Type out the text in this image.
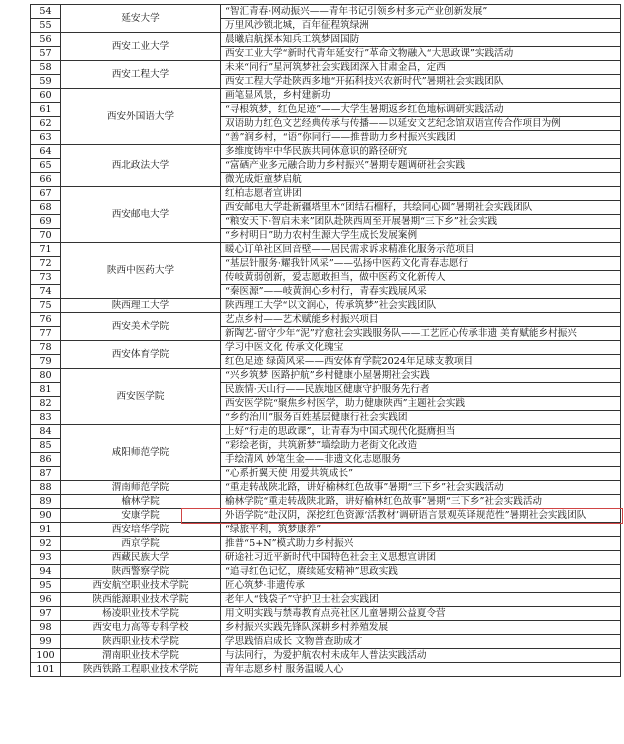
54	延安大学	“智汇青春·网动振兴——青年书记引领乡村多元产业创新发展”
55		万里风沙锁北城，百年征程筑绿洲
56	西安工业大学	晨曦启航探本知兵工筑梦固国防
57		西安工业大学“新时代青年延安行”革命文物融入“大思政课”实践活动
58	西安工程大学	未来“同行”星河筑梦社会实践团深入甘肃金昌，定西
59		西安工程大学赴陕西多地“开拓科技兴农新时代”暑期社会实践团队
60	西安外国语大学	画笔显风景，乡村建新功
61		“寻根筑梦，红色足迹”——大学生暑期返乡红色地标调研实践活动
62		双语助力红色文艺经典传承与传播——以延安文艺纪念馆双语宣传合作项目为例
63		“善”润乡村，“语”你同行——推普助力乡村振兴实践团
64	西北政法大学	多维度铸牢中华民族共同体意识的路径研究
65		“富硒产业多元融合助力乡村振兴”暑期专题调研社会实践
66		微光成炬童梦启航
67	西安邮电大学	红柏志愿者宣讲团
68		西安邮电大学赴新疆塔里木“团结石榴籽，共绘同心圆”暑期社会实践团队
69		“粮安天下·智启未来”团队赴陕西周至开展暑期“三下乡”社会实践
70		“乡村明日”助力农村生源大学生成长发展案例
71	陕西中医药大学	暖心订单社区回音壁——居民需求诉求精准化服务示范项目
72		“基层针服务·耀我针风采”——弘扬中医药文化青春志愿行
73		传岐黄弱创新，爱志愿敢担当，做中医药文化新传人
74		“秦医源”——岐黄润心乡村行，青春实践展风采
75	陕西理工大学	陕西理工大学“以文润心，传承筑梦”社会实践团队
76	西安美术学院	艺点乡村——艺术赋能乡村振兴项目
77		新陶艺-留守少年“泥”疗愈社会实践服务队——工艺匠心传承非遗 美育赋能乡村振兴
78	西安体育学院	学习中医文化 传承文化瑰宝
79		红色足迹 绿茵风采——西安体育学院2024年足球支教项目
80	西安医学院	“兴乡筑梦 医路护航”乡村健康小屋暑期社会实践
81		民族情·天山行——民族地区健康守护服务先行者
82		西安医学院“聚焦乡村医学，助力健康陕西”主题社会实践
83		“乡约治川”服务百姓基层健康行社会实践团
84	咸阳师范学院	上好“行走的思政课”，让青春为中国式现代化挺膺担当
85		“彩绘老街，共筑新梦”墙绘助力老街文化改造
86		手绘清风 妙笔生金——非遗文化志愿服务
87		“心系折翼天使 用爱共筑成长”
88	渭南师范学院	“重走转战陕北路，讲好榆林红色故事”暑期“三下乡”社会实践活动
89	榆林学院	榆林学院“重走转战陕北路，讲好榆林红色故事”暑期“三下乡”社会实践活动
90	安康学院	外语学院“赴汉阴，深挖红色资源‘活教材’调研语言景观英译规范性”暑期社会实践团队
91	西安培华学院	“绿旅平利，筑梦康养”
92	西京学院	推普“5+N”模式助力乡村振兴
93	西藏民族大学	研途社习近平新时代中国特色社会主义思想宣讲团
94	陕西警察学院	“追寻红色记忆，赓续延安精神”思政实践
95	西安航空职业技术学院	匠心筑梦·非遗传承
96	陕西能源职业技术学院	老年人“钱袋子”守护卫士社会实践团
97	杨凌职业技术学院	用文明实践与禁毒教育点亮社区儿童暑期公益夏令营
98	西安电力高等专科学校	乡村振兴实践先锋队深耕乡村养殖发展
99	陕西职业技术学院	学思践悟启成长 文物普查助成才
100	渭南职业技术学院	与法同行，为爱护航农村未成年人普法实践活动
101	陕西铁路工程职业技术学院	青年志愿乡村 服务温暖人心
